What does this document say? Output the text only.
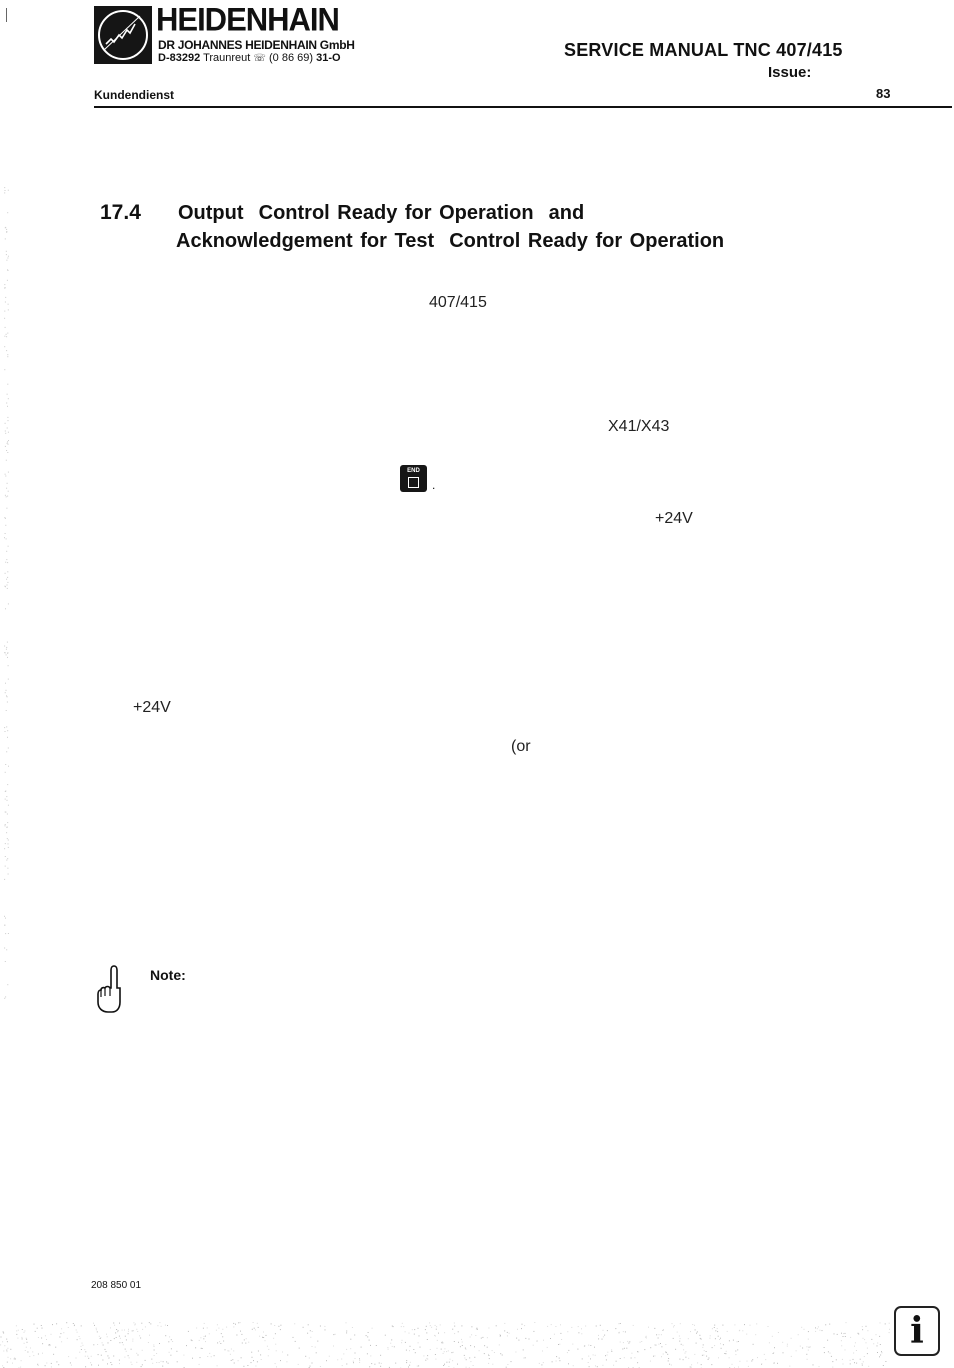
HEIDENHAIN
DR JOHANNES HEIDENHAIN GmbH
D-83292 Traunreut ☏ (0 86 69) 31-O	SERVICE MANUAL TNC 407/415
Issue:
Kundendienst	83
17.4 Output  Control Ready for Operation  and
Acknowledgement for Test  Control Ready for Operation
407/415
X41/X43
END
.
+24V
+24V
(or
Note:
208 850 01
i
